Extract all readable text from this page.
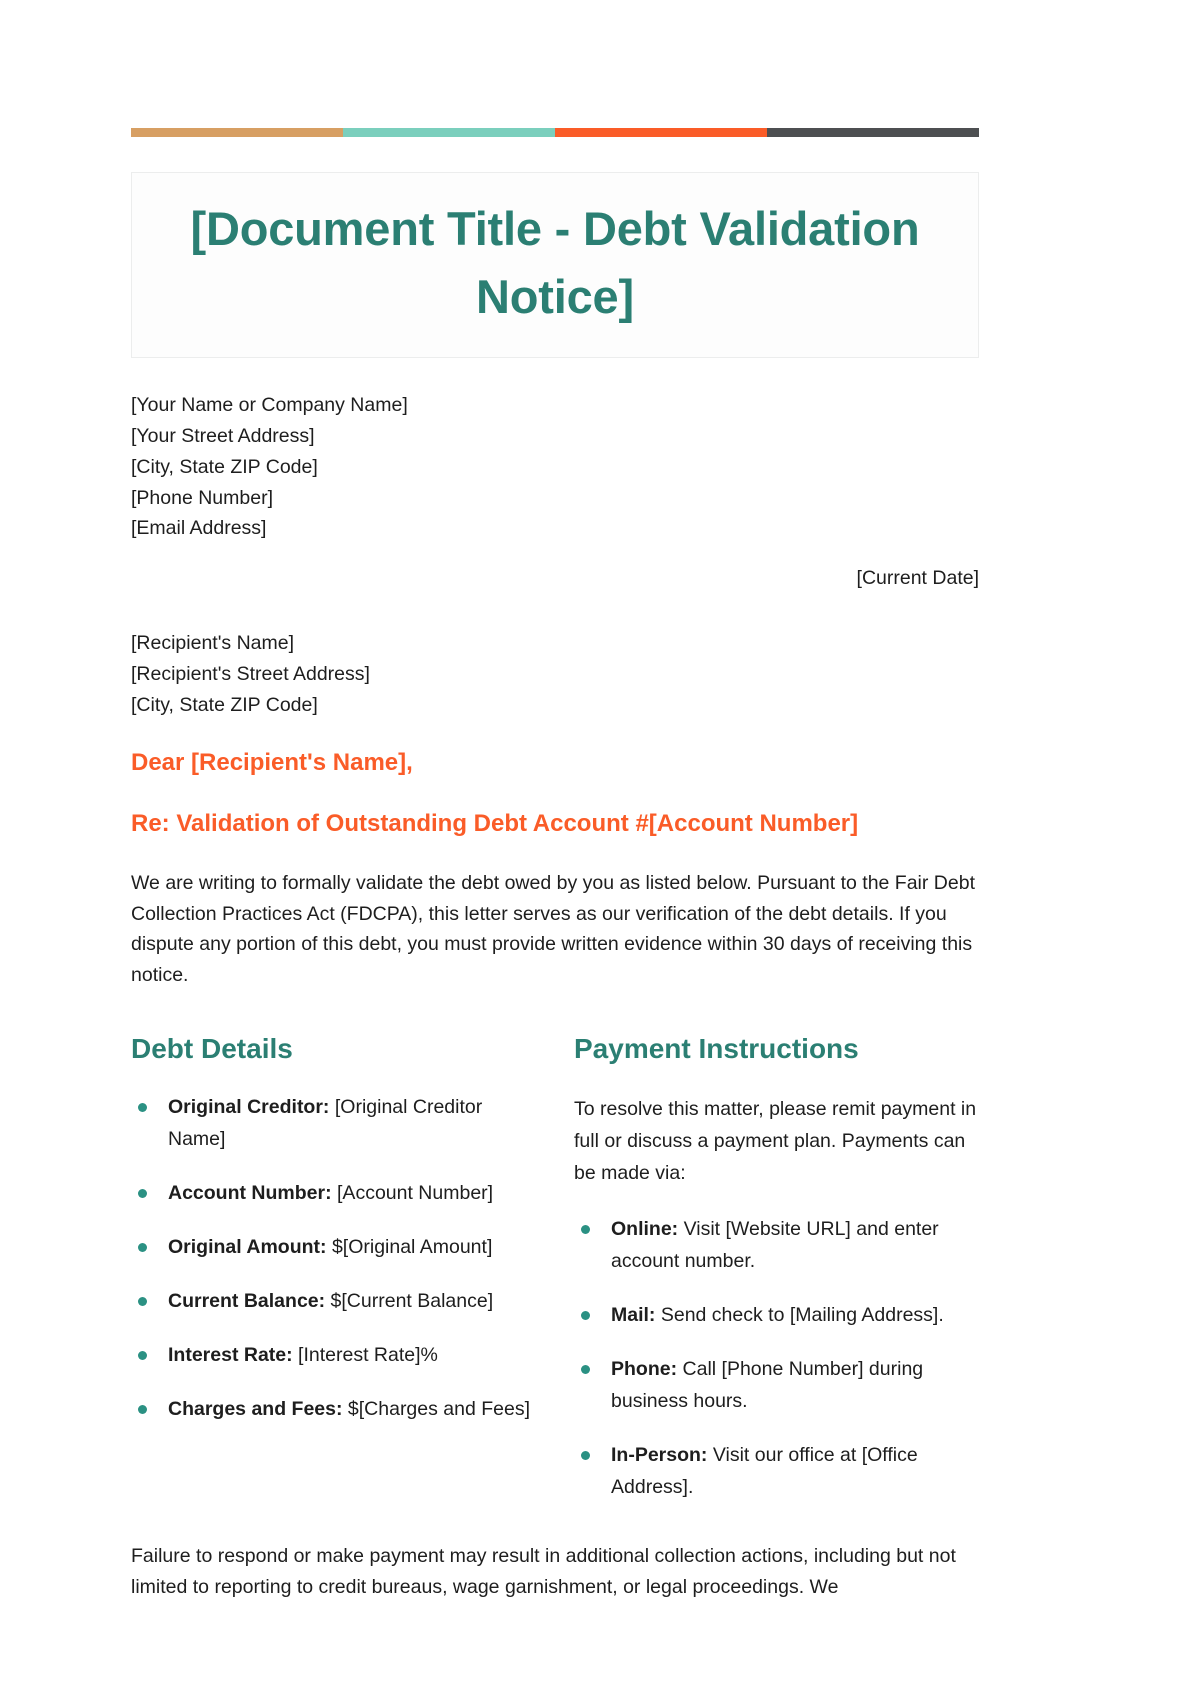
[Document Title - Debt Validation Notice]
[Your Name or Company Name]
[Your Street Address]
[City, State ZIP Code]
[Phone Number]
[Email Address]
[Current Date]
[Recipient's Name]
[Recipient's Street Address]
[City, State ZIP Code]

Dear [Recipient's Name],

Re: Validation of Outstanding Debt Account #[Account Number]

We are writing to formally validate the debt owed by you as listed below. Pursuant to the Fair Debt Collection Practices Act (FDCPA), this letter serves as our verification of the debt details. If you dispute any portion of this debt, you must provide written evidence within 30 days of receiving this notice.

Debt Details
Original Creditor: [Original Creditor Name]
Account Number: [Account Number]
Original Amount: $[Original Amount]
Current Balance: $[Current Balance]
Interest Rate: [Interest Rate]%
Charges and Fees: $[Charges and Fees]
Payment Instructions

To resolve this matter, please remit payment in full or discuss a payment plan. Payments can be made via:

Online: Visit [Website URL] and enter account number.
Mail: Send check to [Mailing Address].
Phone: Call [Phone Number] during business hours.
In-Person: Visit our office at [Office Address].

Failure to respond or make payment may result in additional collection actions, including but not limited to reporting to credit bureaus, wage garnishment, or legal proceedings. We
